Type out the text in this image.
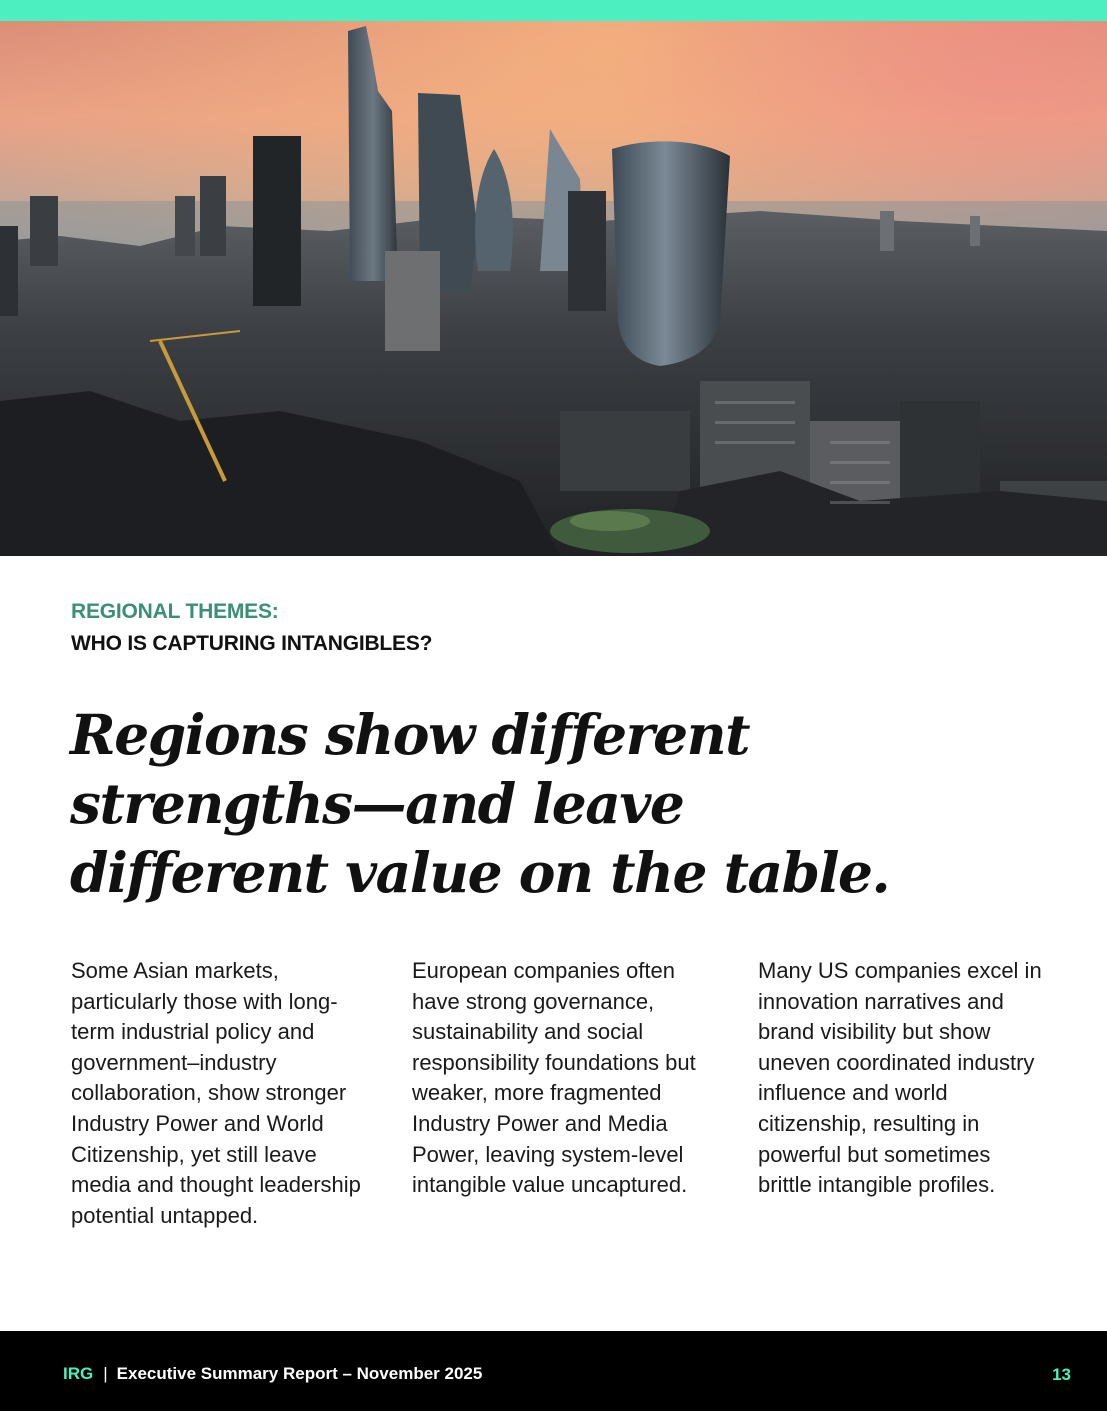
REGIONAL THEMES:
WHO IS CAPTURING INTANGIBLES?
Regions show different
strengths—and leave
different value on the table.

Some Asian markets, particularly those with long-term industrial policy and government–industry collaboration, show stronger Industry Power and World Citizenship, yet still leave media and thought leadership potential untapped.

European companies often have strong governance, sustainability and social responsibility foundations but weaker, more fragmented Industry Power and Media Power, leaving system-level intangible value uncaptured.

Many US companies excel in innovation narratives and brand visibility but show uneven coordinated industry influence and world citizenship, resulting in powerful but sometimes brittle intangible profiles.

IRG | Executive Summary Report – November 2025	13
